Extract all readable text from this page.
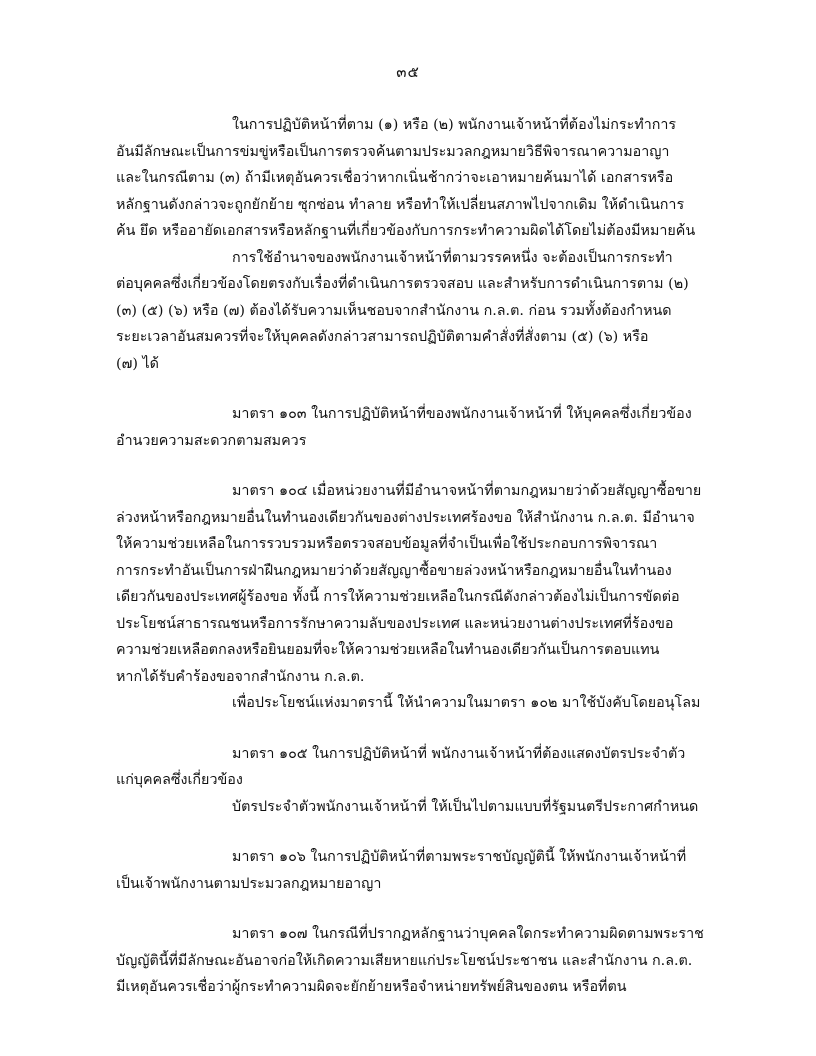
๓๕
ในการปฏิบัติหน้าที่ตาม (๑) หรือ (๒) พนักงานเจ้าหน้าที่ต้องไม่กระทำการ
อันมีลักษณะเป็นการข่มขู่หรือเป็นการตรวจค้นตามประมวลกฎหมายวิธีพิจารณาความอาญา
และในกรณีตาม (๓) ถ้ามีเหตุอันควรเชื่อว่าหากเนิ่นช้ากว่าจะเอาหมายค้นมาได้ เอกสารหรือ
หลักฐานดังกล่าวจะถูกยักย้าย ซุกซ่อน ทำลาย หรือทำให้เปลี่ยนสภาพไปจากเดิม ให้ดำเนินการ
ค้น ยึด หรืออายัดเอกสารหรือหลักฐานที่เกี่ยวข้องกับการกระทำความผิดได้โดยไม่ต้องมีหมายค้น
การใช้อำนาจของพนักงานเจ้าหน้าที่ตามวรรคหนึ่ง จะต้องเป็นการกระทำ
ต่อบุคคลซึ่งเกี่ยวข้องโดยตรงกับเรื่องที่ดำเนินการตรวจสอบ และสำหรับการดำเนินการตาม (๒)
(๓) (๕) (๖) หรือ (๗) ต้องได้รับความเห็นชอบจากสำนักงาน ก.ล.ต. ก่อน รวมทั้งต้องกำหนด
ระยะเวลาอันสมควรที่จะให้บุคคลดังกล่าวสามารถปฏิบัติตามคำสั่งที่สั่งตาม (๕) (๖) หรือ
(๗) ได้
มาตรา ๑๐๓ ในการปฏิบัติหน้าที่ของพนักงานเจ้าหน้าที่ ให้บุคคลซึ่งเกี่ยวข้อง
อำนวยความสะดวกตามสมควร
มาตรา ๑๐๔ เมื่อหน่วยงานที่มีอำนาจหน้าที่ตามกฎหมายว่าด้วยสัญญาซื้อขาย
ล่วงหน้าหรือกฎหมายอื่นในทำนองเดียวกันของต่างประเทศร้องขอ ให้สำนักงาน ก.ล.ต. มีอำนาจ
ให้ความช่วยเหลือในการรวบรวมหรือตรวจสอบข้อมูลที่จำเป็นเพื่อใช้ประกอบการพิจารณา
การกระทำอันเป็นการฝ่าฝืนกฎหมายว่าด้วยสัญญาซื้อขายล่วงหน้าหรือกฎหมายอื่นในทำนอง
เดียวกันของประเทศผู้ร้องขอ ทั้งนี้ การให้ความช่วยเหลือในกรณีดังกล่าวต้องไม่เป็นการขัดต่อ
ประโยชน์สาธารณชนหรือการรักษาความลับของประเทศ และหน่วยงานต่างประเทศที่ร้องขอ
ความช่วยเหลือตกลงหรือยินยอมที่จะให้ความช่วยเหลือในทำนองเดียวกันเป็นการตอบแทน
หากได้รับคำร้องขอจากสำนักงาน ก.ล.ต.
เพื่อประโยชน์แห่งมาตรานี้ ให้นำความในมาตรา ๑๐๒ มาใช้บังคับโดยอนุโลม
มาตรา ๑๐๕ ในการปฏิบัติหน้าที่ พนักงานเจ้าหน้าที่ต้องแสดงบัตรประจำตัว
แก่บุคคลซึ่งเกี่ยวข้อง
บัตรประจำตัวพนักงานเจ้าหน้าที่ ให้เป็นไปตามแบบที่รัฐมนตรีประกาศกำหนด
มาตรา ๑๐๖ ในการปฏิบัติหน้าที่ตามพระราชบัญญัตินี้ ให้พนักงานเจ้าหน้าที่
เป็นเจ้าพนักงานตามประมวลกฎหมายอาญา
มาตรา ๑๐๗ ในกรณีที่ปรากฏหลักฐานว่าบุคคลใดกระทำความผิดตามพระราช
บัญญัตินี้ที่มีลักษณะอันอาจก่อให้เกิดความเสียหายแก่ประโยชน์ประชาชน และสำนักงาน ก.ล.ต.
มีเหตุอันควรเชื่อว่าผู้กระทำความผิดจะยักย้ายหรือจำหน่ายทรัพย์สินของตน หรือที่ตน
